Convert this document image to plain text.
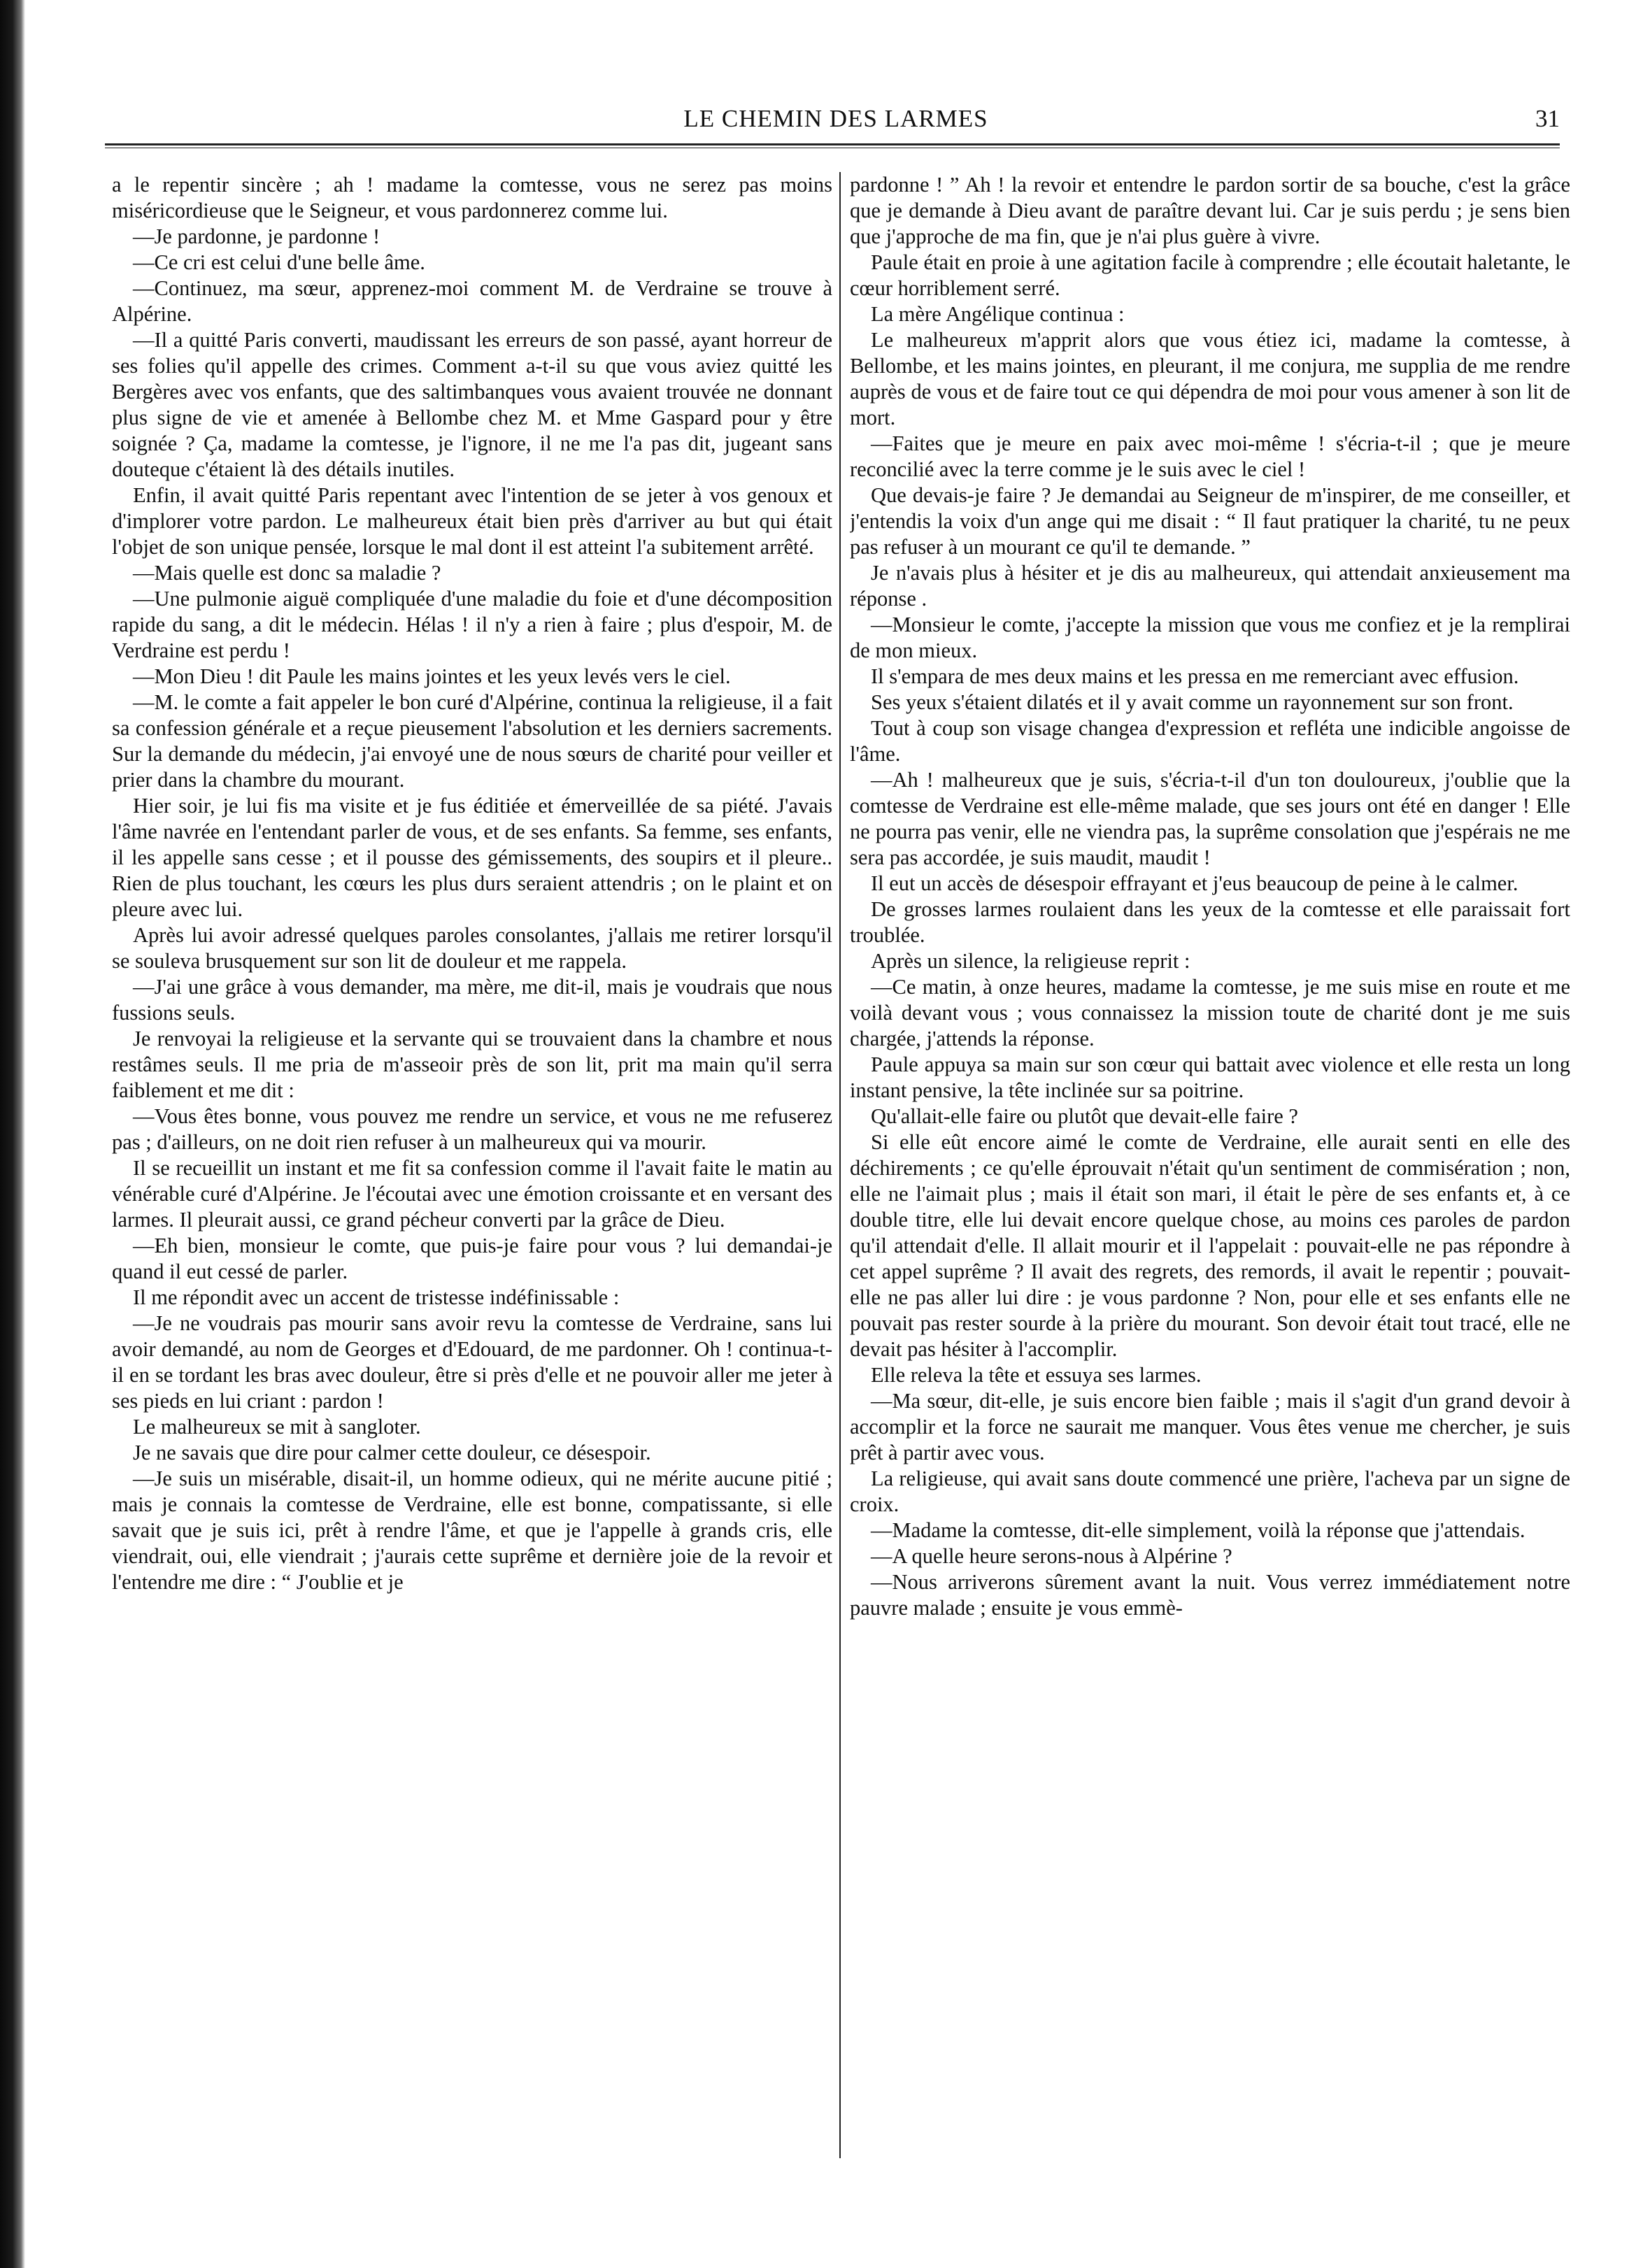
LE CHEMIN DES LARMES	31

a le repentir sincère ; ah ! madame la comtesse, vous ne serez pas moins miséricordieuse que le Seigneur, et vous pardonnerez comme lui.

—Je pardonne, je pardonne !

—Ce cri est celui d'une belle âme.

—Continuez, ma sœur, apprenez-moi comment M. de Verdraine se trouve à Alpérine.

—Il a quitté Paris converti, maudissant les erreurs de son passé, ayant horreur de ses folies qu'il appelle des crimes. Comment a-t-il su que vous aviez quitté les Bergères avec vos enfants, que des saltimbanques vous avaient trouvée ne donnant plus signe de vie et amenée à Bellombe chez M. et Mme Gaspard pour y être soignée ? Ça, madame la comtesse, je l'ignore, il ne me l'a pas dit, jugeant sans douteque c'étaient là des détails inutiles.

Enfin, il avait quitté Paris repentant avec l'intention de se jeter à vos genoux et d'implorer votre pardon. Le malheureux était bien près d'arriver au but qui était l'objet de son unique pensée, lorsque le mal dont il est atteint l'a subitement arrêté.

—Mais quelle est donc sa maladie ?

—Une pulmonie aiguë compliquée d'une maladie du foie et d'une décomposition rapide du sang, a dit le médecin. Hélas ! il n'y a rien à faire ; plus d'espoir, M. de Verdraine est perdu !

—Mon Dieu ! dit Paule les mains jointes et les yeux levés vers le ciel.

—M. le comte a fait appeler le bon curé d'Alpérine, continua la religieuse, il a fait sa confession générale et a reçue pieusement l'absolution et les derniers sacrements. Sur la demande du médecin, j'ai envoyé une de nous sœurs de charité pour veiller et prier dans la chambre du mourant.

Hier soir, je lui fis ma visite et je fus éditiée et émerveillée de sa piété. J'avais l'âme navrée en l'entendant parler de vous, et de ses enfants. Sa femme, ses enfants, il les appelle sans cesse ; et il pousse des gémissements, des soupirs et il pleure.. Rien de plus touchant, les cœurs les plus durs seraient attendris ; on le plaint et on pleure avec lui.

Après lui avoir adressé quelques paroles consolantes, j'allais me retirer lorsqu'il se souleva brusquement sur son lit de douleur et me rappela.

—J'ai une grâce à vous demander, ma mère, me dit-il, mais je voudrais que nous fussions seuls.

Je renvoyai la religieuse et la servante qui se trouvaient dans la chambre et nous restâmes seuls. Il me pria de m'asseoir près de son lit, prit ma main qu'il serra faiblement et me dit :

—Vous êtes bonne, vous pouvez me rendre un service, et vous ne me refuserez pas ; d'ailleurs, on ne doit rien refuser à un malheureux qui va mourir.

Il se recueillit un instant et me fit sa confession comme il l'avait faite le matin au vénérable curé d'Alpérine. Je l'écoutai avec une émotion croissante et en versant des larmes. Il pleurait aussi, ce grand pécheur converti par la grâce de Dieu.

—Eh bien, monsieur le comte, que puis-je faire pour vous ? lui demandai-je quand il eut cessé de parler.

Il me répondit avec un accent de tristesse indéfinissable :

—Je ne voudrais pas mourir sans avoir revu la comtesse de Verdraine, sans lui avoir demandé, au nom de Georges et d'Edouard, de me pardonner. Oh ! continua-t-il en se tordant les bras avec douleur, être si près d'elle et ne pouvoir aller me jeter à ses pieds en lui criant : pardon !

Le malheureux se mit à sangloter.

Je ne savais que dire pour calmer cette douleur, ce désespoir.

—Je suis un misérable, disait-il, un homme odieux, qui ne mérite aucune pitié ; mais je connais la comtesse de Verdraine, elle est bonne, compatissante, si elle savait que je suis ici, prêt à rendre l'âme, et que je l'appelle à grands cris, elle viendrait, oui, elle viendrait ; j'aurais cette suprême et dernière joie de la revoir et l'entendre me dire : “ J'oublie et je

pardonne ! ” Ah ! la revoir et entendre le pardon sortir de sa bouche, c'est la grâce que je demande à Dieu avant de paraître devant lui. Car je suis perdu ; je sens bien que j'approche de ma fin, que je n'ai plus guère à vivre.

Paule était en proie à une agitation facile à comprendre ; elle écoutait haletante, le cœur horriblement serré.

La mère Angélique continua :

Le malheureux m'apprit alors que vous étiez ici, madame la comtesse, à Bellombe, et les mains jointes, en pleurant, il me conjura, me supplia de me rendre auprès de vous et de faire tout ce qui dépendra de moi pour vous amener à son lit de mort.

—Faites que je meure en paix avec moi-même ! s'écria-t-il ; que je meure reconcilié avec la terre comme je le suis avec le ciel !

Que devais-je faire ? Je demandai au Seigneur de m'inspirer, de me conseiller, et j'entendis la voix d'un ange qui me disait : “ Il faut pratiquer la charité, tu ne peux pas refuser à un mourant ce qu'il te demande. ”

Je n'avais plus à hésiter et je dis au malheureux, qui attendait anxieusement ma réponse .

—Monsieur le comte, j'accepte la mission que vous me confiez et je la remplirai de mon mieux.

Il s'empara de mes deux mains et les pressa en me remerciant avec effusion.

Ses yeux s'étaient dilatés et il y avait comme un rayonnement sur son front.

Tout à coup son visage changea d'expression et refléta une indicible angoisse de l'âme.

—Ah ! malheureux que je suis, s'écria-t-il d'un ton douloureux, j'oublie que la comtesse de Verdraine est elle-même malade, que ses jours ont été en danger ! Elle ne pourra pas venir, elle ne viendra pas, la suprême consolation que j'espérais ne me sera pas accordée, je suis maudit, maudit !

Il eut un accès de désespoir effrayant et j'eus beaucoup de peine à le calmer.

De grosses larmes roulaient dans les yeux de la comtesse et elle paraissait fort troublée.

Après un silence, la religieuse reprit :

—Ce matin, à onze heures, madame la comtesse, je me suis mise en route et me voilà devant vous ; vous connaissez la mission toute de charité dont je me suis chargée, j'attends la réponse.

Paule appuya sa main sur son cœur qui battait avec violence et elle resta un long instant pensive, la tête inclinée sur sa poitrine.

Qu'allait-elle faire ou plutôt que devait-elle faire ?

Si elle eût encore aimé le comte de Verdraine, elle aurait senti en elle des déchirements ; ce qu'elle éprouvait n'était qu'un sentiment de commisération ; non, elle ne l'aimait plus ; mais il était son mari, il était le père de ses enfants et, à ce double titre, elle lui devait encore quelque chose, au moins ces paroles de pardon qu'il attendait d'elle. Il allait mourir et il l'appelait : pouvait-elle ne pas répondre à cet appel suprême ? Il avait des regrets, des remords, il avait le repentir ; pouvait-elle ne pas aller lui dire : je vous pardonne ? Non, pour elle et ses enfants elle ne pouvait pas rester sourde à la prière du mourant. Son devoir était tout tracé, elle ne devait pas hésiter à l'accomplir.

Elle releva la tête et essuya ses larmes.

—Ma sœur, dit-elle, je suis encore bien faible ; mais il s'agit d'un grand devoir à accomplir et la force ne saurait me manquer. Vous êtes venue me chercher, je suis prêt à partir avec vous.

La religieuse, qui avait sans doute commencé une prière, l'acheva par un signe de croix.

—Madame la comtesse, dit-elle simplement, voilà la réponse que j'attendais.

—A quelle heure serons-nous à Alpérine ?

—Nous arriverons sûrement avant la nuit. Vous verrez immédiatement notre pauvre malade ; ensuite je vous emmè-
